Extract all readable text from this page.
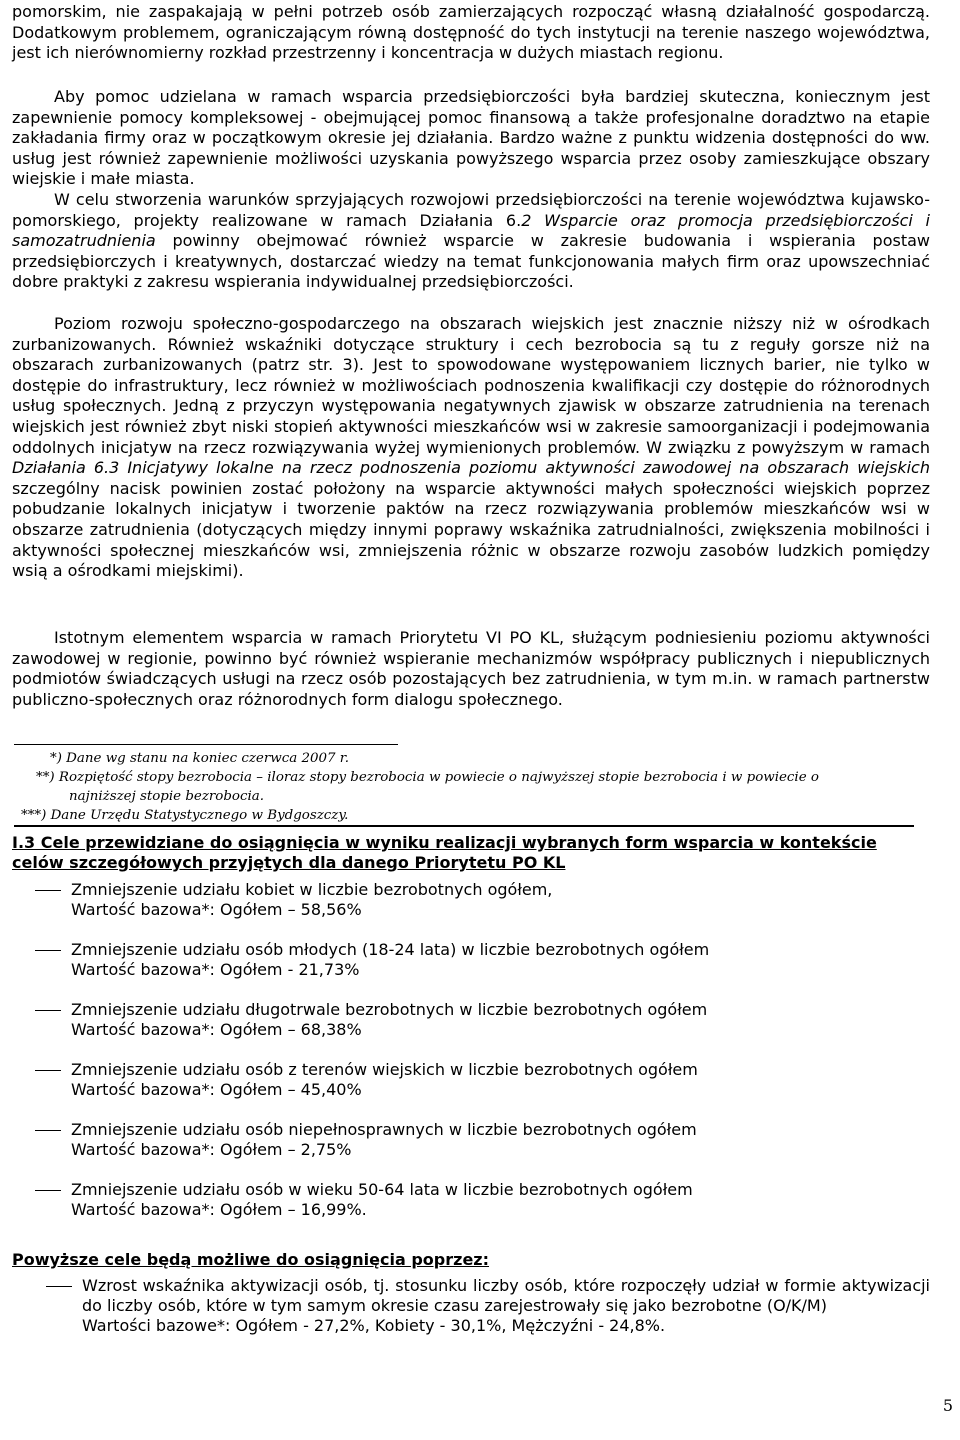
pomorskim, nie zaspakajają w pełni potrzeb osób zamierzających rozpocząć własną działalność gospodarczą. Dodatkowym problemem, ograniczającym równą dostępność do tych instytucji na terenie naszego województwa, jest ich nierównomierny rozkład przestrzenny i koncentracja w dużych miastach regionu.

Aby pomoc udzielana w ramach wsparcia przedsiębiorczości była bardziej skuteczna, koniecznym jest zapewnienie pomocy kompleksowej - obejmującej pomoc finansową a także profesjonalne doradztwo na etapie zakładania firmy oraz w początkowym okresie jej działania. Bardzo ważne z punktu widzenia dostępności do ww. usług jest również zapewnienie możliwości uzyskania powyższego wsparcia przez osoby zamieszkujące obszary wiejskie i małe miasta.

W celu stworzenia warunków sprzyjających rozwojowi przedsiębiorczości na terenie województwa kujawsko-pomorskiego, projekty realizowane w ramach Działania 6.2 Wsparcie oraz promocja przedsiębiorczości i samozatrudnienia powinny obejmować również wsparcie w zakresie budowania i wspierania postaw przedsiębiorczych i kreatywnych, dostarczać wiedzy na temat funkcjonowania małych firm oraz upowszechniać dobre praktyki z zakresu wspierania indywidualnej przedsiębiorczości.

Poziom rozwoju społeczno-gospodarczego na obszarach wiejskich jest znacznie niższy niż w ośrodkach zurbanizowanych. Również wskaźniki dotyczące struktury i cech bezrobocia są tu z reguły gorsze niż na obszarach zurbanizowanych (patrz str. 3). Jest to spowodowane występowaniem licznych barier, nie tylko w dostępie do infrastruktury, lecz również w możliwościach podnoszenia kwalifikacji czy dostępie do różnorodnych usług społecznych. Jedną z przyczyn występowania negatywnych zjawisk w obszarze zatrudnienia na terenach wiejskich jest również zbyt niski stopień aktywności mieszkańców wsi w zakresie samoorganizacji i podejmowania oddolnych inicjatyw na rzecz rozwiązywania wyżej wymienionych problemów. W związku z powyższym w ramach Działania 6.3 Inicjatywy lokalne na rzecz podnoszenia poziomu aktywności zawodowej na obszarach wiejskich szczególny nacisk powinien zostać położony na wsparcie aktywności małych społeczności wiejskich poprzez pobudzanie lokalnych inicjatyw i tworzenie paktów na rzecz rozwiązywania problemów mieszkańców wsi w obszarze zatrudnienia (dotyczących między innymi poprawy wskaźnika zatrudnialności, zwiększenia mobilności i aktywności społecznej mieszkańców wsi, zmniejszenia różnic w obszarze rozwoju zasobów ludzkich pomiędzy wsią a ośrodkami miejskimi).

Istotnym elementem wsparcia w ramach Priorytetu VI PO KL, służącym podniesieniu poziomu aktywności zawodowej w regionie, powinno być również wspieranie mechanizmów współpracy publicznych i niepublicznych podmiotów świadczących usługi na rzecz osób pozostających bez zatrudnienia, w tym m.in. w ramach partnerstw publiczno-społecznych oraz różnorodnych form dialogu społecznego.

*) Dane wg stanu na koniec czerwca 2007 r.

**) Rozpiętość stopy bezrobocia – iloraz stopy bezrobocia w powiecie o najwyższej stopie bezrobocia i w powiecie o

najniższej stopie bezrobocia.

***) Dane Urzędu Statystycznego w Bydgoszczy.

I.3 Cele przewidziane do osiągnięcia w wyniku realizacji wybranych form wsparcia w kontekście celów szczegółowych przyjętych dla danego Priorytetu PO KL

Zmniejszenie udziału kobiet w liczbie bezrobotnych ogółem,
Wartość bazowa*: Ogółem – 58,56%
Zmniejszenie udziału osób młodych (18-24 lata) w liczbie bezrobotnych ogółem
Wartość bazowa*: Ogółem - 21,73%
Zmniejszenie udziału długotrwale bezrobotnych w liczbie bezrobotnych ogółem
Wartość bazowa*: Ogółem – 68,38%
Zmniejszenie udziału osób z terenów wiejskich w liczbie bezrobotnych ogółem
Wartość bazowa*: Ogółem – 45,40%
Zmniejszenie udziału osób niepełnosprawnych w liczbie bezrobotnych ogółem
Wartość bazowa*: Ogółem – 2,75%
Zmniejszenie udziału osób w wieku 50-64 lata w liczbie bezrobotnych ogółem
Wartość bazowa*: Ogółem – 16,99%.

Powyższe cele będą możliwe do osiągnięcia poprzez:

Wzrost wskaźnika aktywizacji osób, tj. stosunku liczby osób, które rozpoczęły udział w formie aktywizacji do liczby osób, które w tym samym okresie czasu zarejestrowały się jako bezrobotne (O/K/M)
Wartości bazowe*: Ogółem - 27,2%, Kobiety - 30,1%, Mężczyźni - 24,8%.
5
